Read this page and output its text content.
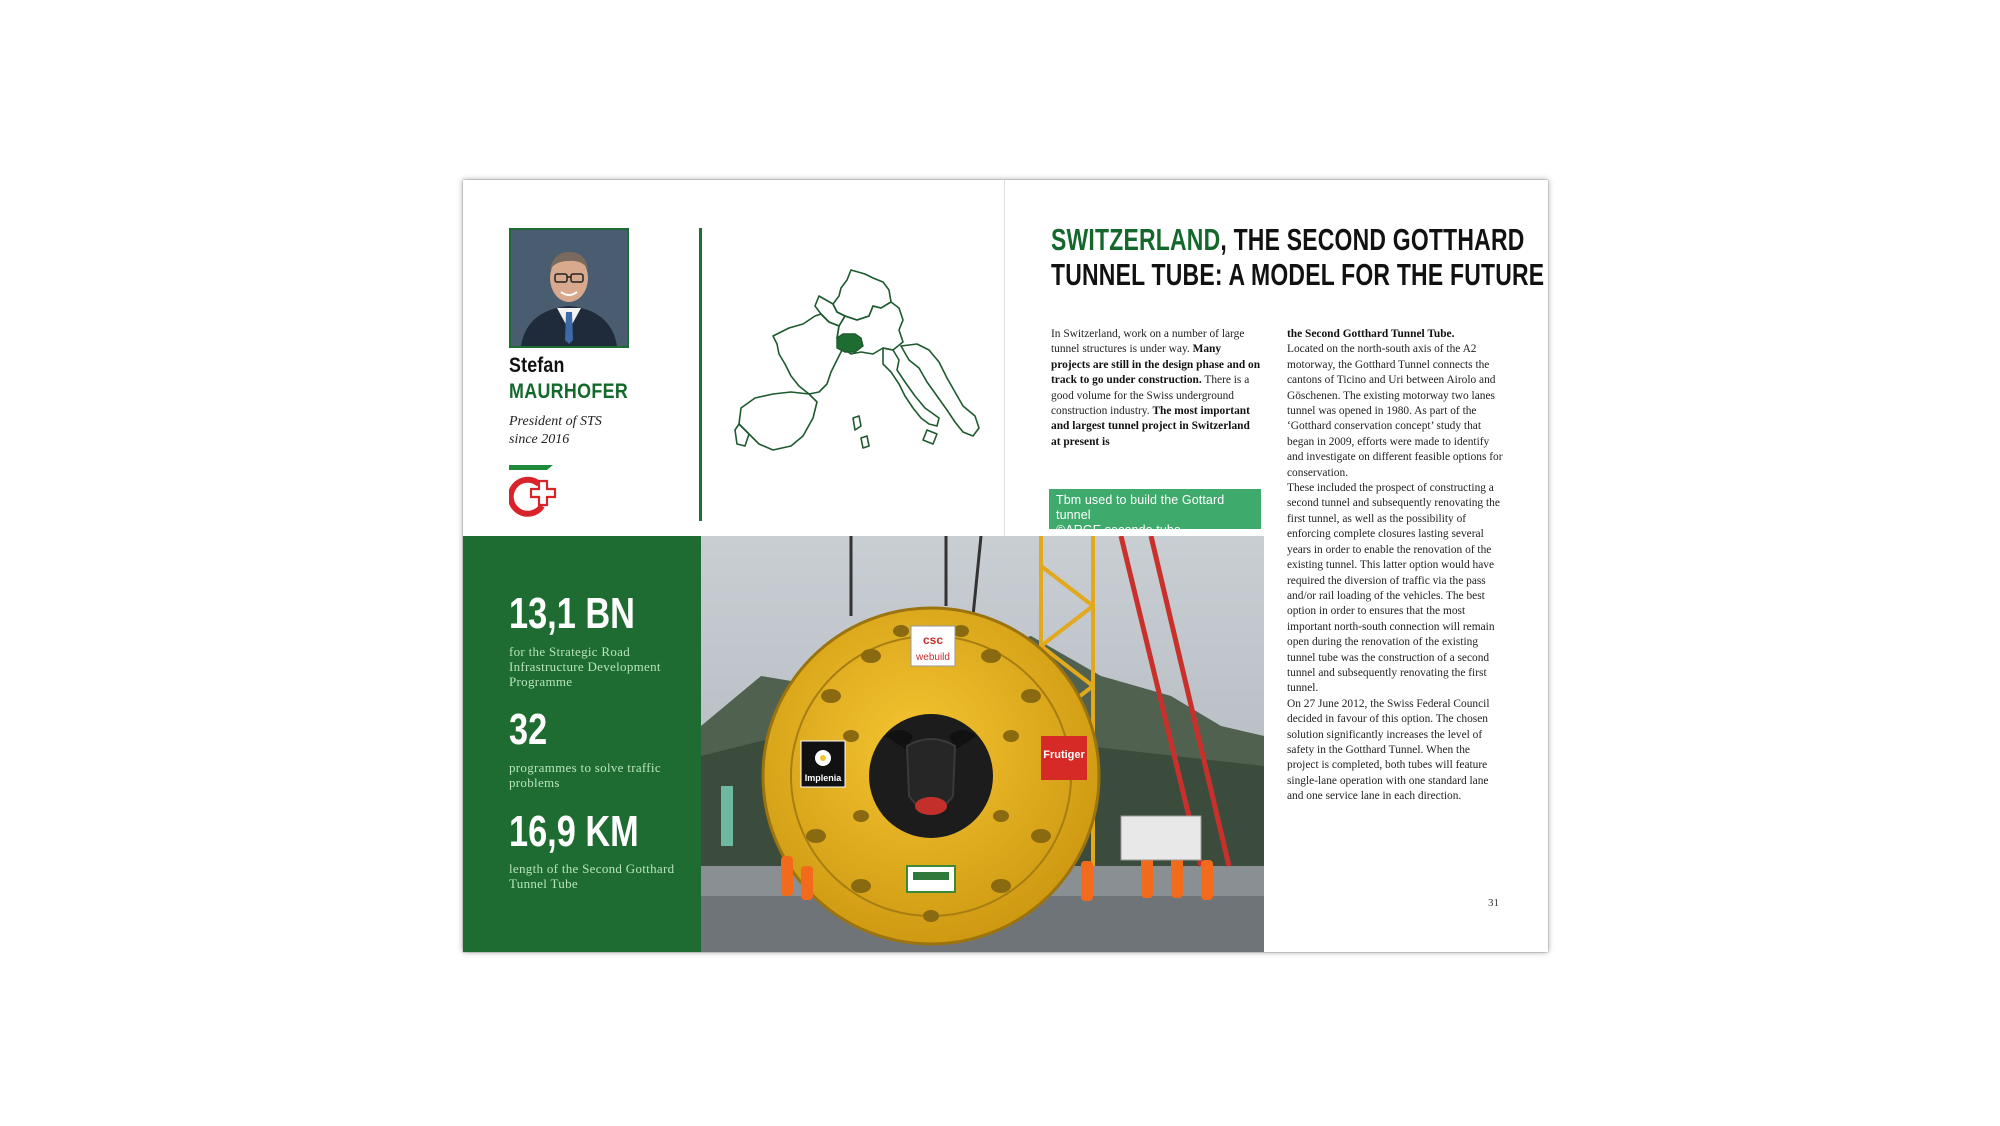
Stefan
MAURHOFER
President of STS
since 2016
13,1 BN
for the Strategic Road Infrastructure Development Programme
32
programmes to solve traffic problems
16,9 KM
length of the Second Gotthard Tunnel Tube
csc
webuild
Frutiger
Implenia
Tbm used to build the Gottard tunnel
©ARGE secondo tubo
SWITZERLAND, THE SECOND GOTTHARD
TUNNEL TUBE: A MODEL FOR THE FUTURE

In Switzerland, work on a number of large tunnel structures is under way. Many projects are still in the design phase and on track to go under construction. There is a good volume for the Swiss underground construction industry. The most important and largest tunnel project in Switzerland at present is

the Second Gotthard Tunnel Tube.

Located on the north-south axis of the A2 motorway, the Gotthard Tunnel connects the cantons of Ticino and Uri between Airolo and Göschenen. The existing motorway two lanes tunnel was opened in 1980. As part of the ‘Gotthard conservation concept’ study that began in 2009, efforts were made to identify and investigate on different feasible options for conservation.

These included the prospect of constructing a second tunnel and subsequently renovating the first tunnel, as well as the possibility of enforcing complete closures lasting several years in order to enable the renovation of the existing tunnel. This latter option would have required the diversion of traffic via the pass and/or rail loading of the vehicles. The best option in order to ensures that the most important north-south connection will remain open during the renovation of the existing tunnel tube was the construction of a second tunnel and subsequently renovating the first tunnel.

On 27 June 2012, the Swiss Federal Council decided in favour of this option. The chosen solution significantly increases the level of safety in the Gotthard Tunnel. When the project is completed, both tubes will feature single-lane operation with one standard lane and one service lane in each direction.

31
